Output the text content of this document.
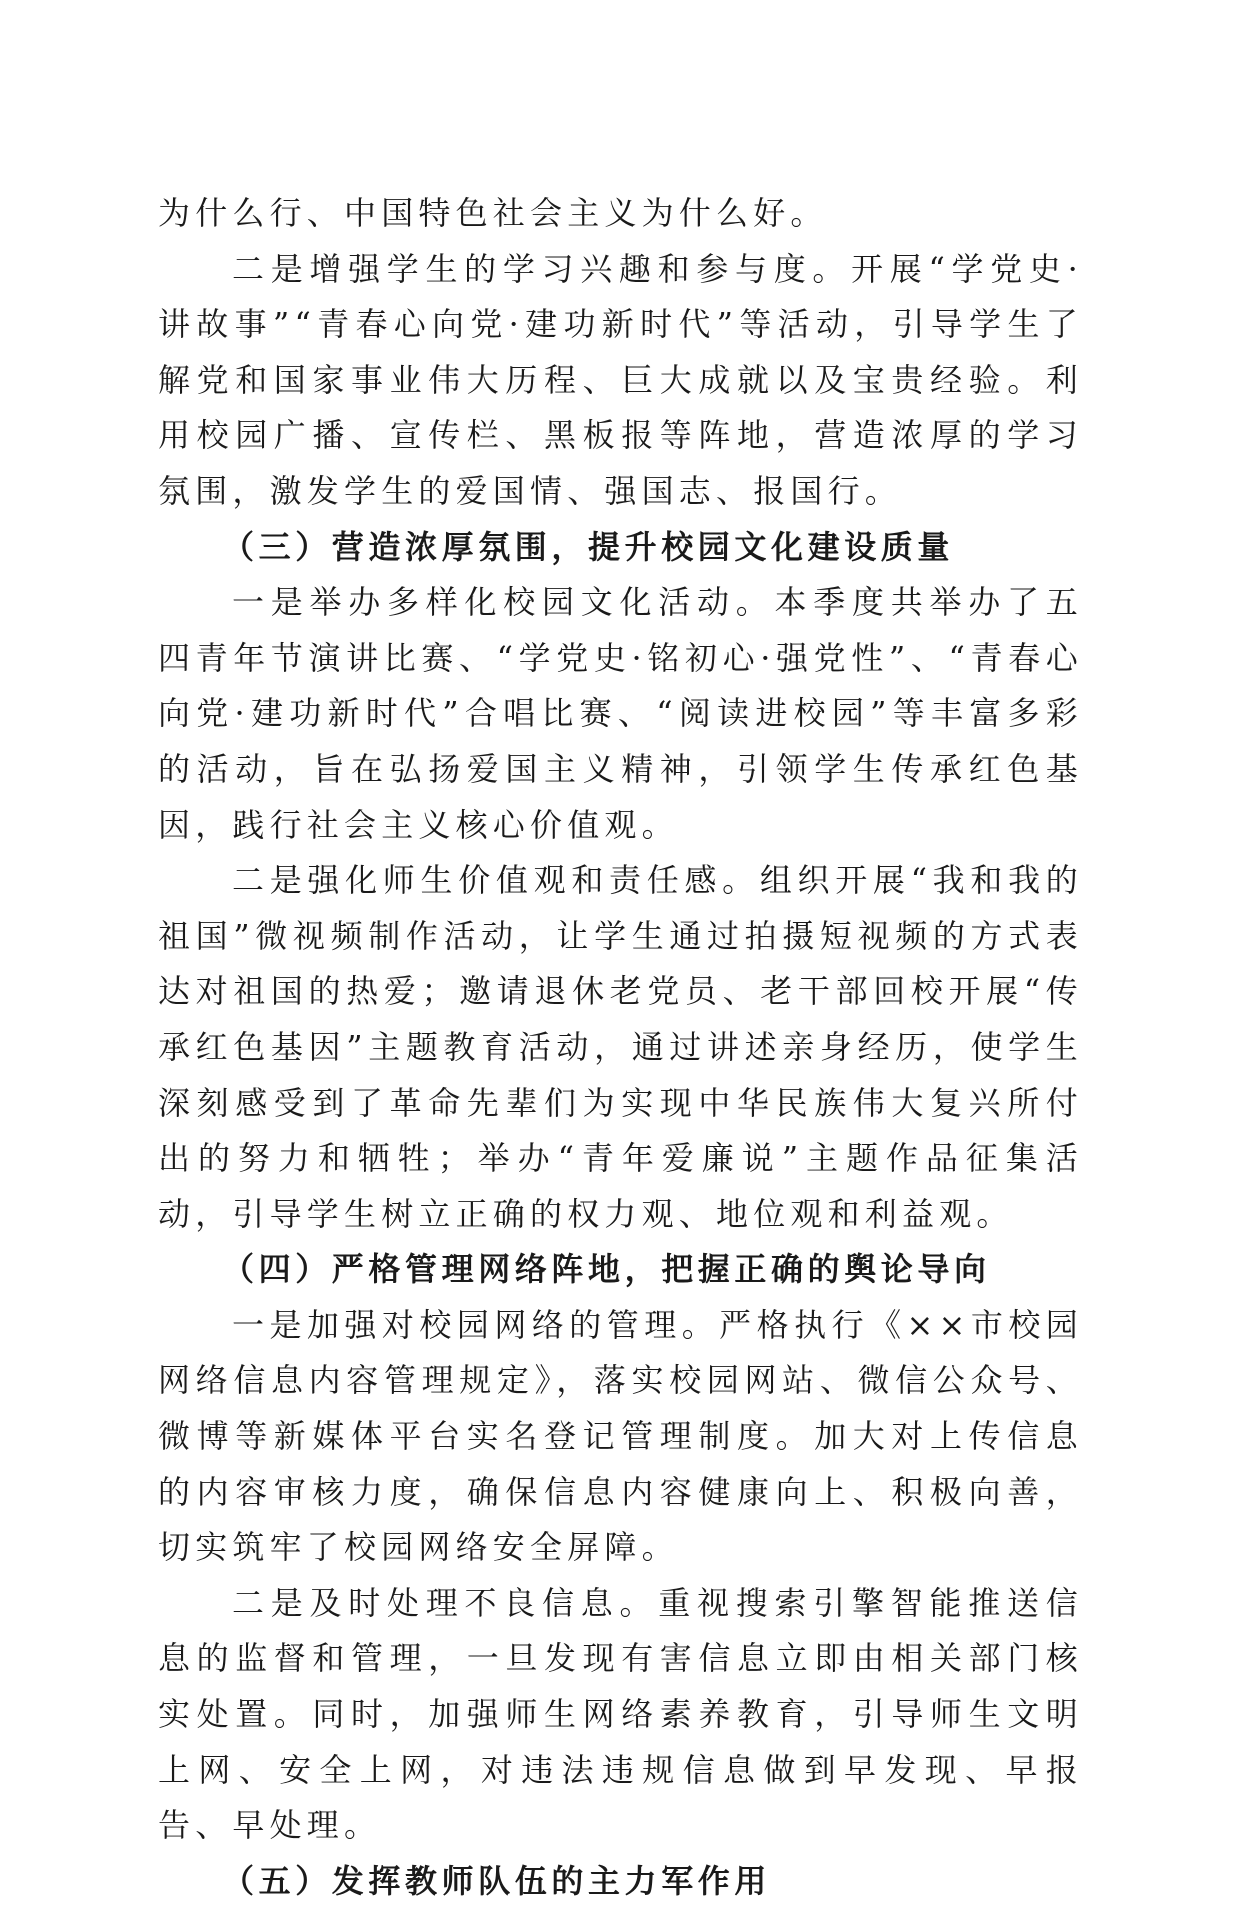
为什么行、中国特色社会主义为什么好。

二是增强学生的学习兴趣和参与度。开展“学党史·讲故事”“青春心向党·建功新时代”等活动，引导学生了解党和国家事业伟大历程、巨大成就以及宝贵经验。利用校园广播、宣传栏、黑板报等阵地，营造浓厚的学习氛围，激发学生的爱国情、强国志、报国行。

（三）营造浓厚氛围，提升校园文化建设质量

一是举办多样化校园文化活动。本季度共举办了五四青年节演讲比赛、“学党史·铭初心·强党性”、“青春心向党·建功新时代”合唱比赛、“阅读进校园”等丰富多彩的活动，旨在弘扬爱国主义精神，引领学生传承红色基因，践行社会主义核心价值观。

二是强化师生价值观和责任感。组织开展“我和我的祖国”微视频制作活动，让学生通过拍摄短视频的方式表达对祖国的热爱；邀请退休老党员、老干部回校开展“传承红色基因”主题教育活动，通过讲述亲身经历，使学生深刻感受到了革命先辈们为实现中华民族伟大复兴所付出的努力和牺牲；举办“青年爱廉说”主题作品征集活动，引导学生树立正确的权力观、地位观和利益观。

（四）严格管理网络阵地，把握正确的舆论导向

一是加强对校园网络的管理。严格执行《××市校园网络信息内容管理规定》，落实校园网站、微信公众号、微博等新媒体平台实名登记管理制度。加大对上传信息的内容审核力度，确保信息内容健康向上、积极向善，切实筑牢了校园网络安全屏障。

二是及时处理不良信息。重视搜索引擎智能推送信息的监督和管理，一旦发现有害信息立即由相关部门核实处置。同时，加强师生网络素养教育，引导师生文明上网、安全上网，对违法违规信息做到早发现、早报告、早处理。

（五）发挥教师队伍的主力军作用
